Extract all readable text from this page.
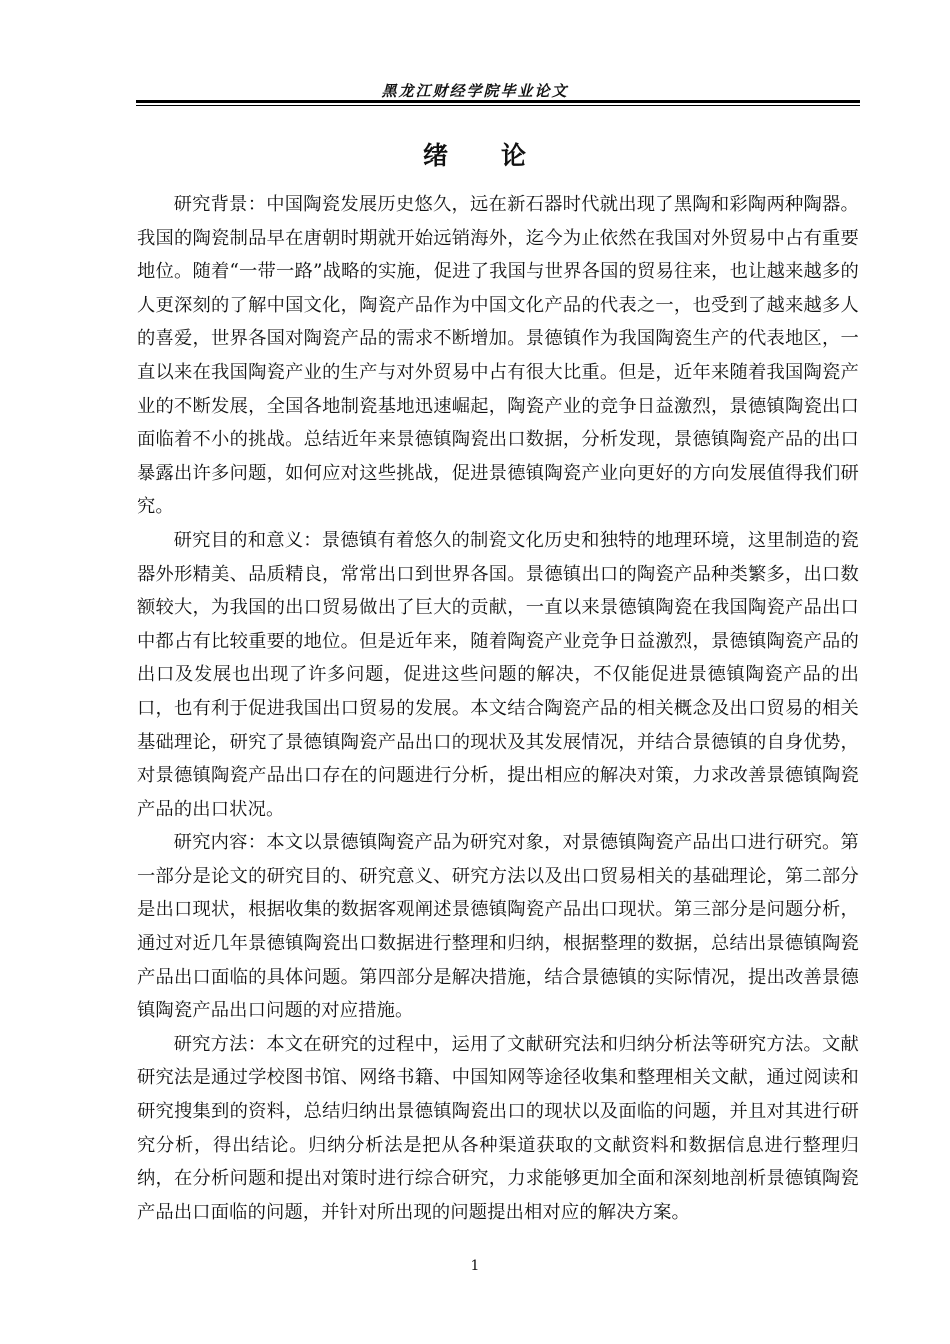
黑龙江财经学院毕业论文
绪　　论

研究背景：中国陶瓷发展历史悠久，远在新石器时代就出现了黑陶和彩陶两种陶器。我国的陶瓷制品早在唐朝时期就开始远销海外，迄今为止依然在我国对外贸易中占有重要地位。随着“一带一路”战略的实施，促进了我国与世界各国的贸易往来，也让越来越多的人更深刻的了解中国文化，陶瓷产品作为中国文化产品的代表之一，也受到了越来越多人的喜爱，世界各国对陶瓷产品的需求不断增加。景德镇作为我国陶瓷生产的代表地区，一直以来在我国陶瓷产业的生产与对外贸易中占有很大比重。但是，近年来随着我国陶瓷产业的不断发展，全国各地制瓷基地迅速崛起，陶瓷产业的竞争日益激烈，景德镇陶瓷出口面临着不小的挑战。总结近年来景德镇陶瓷出口数据，分析发现，景德镇陶瓷产品的出口暴露出许多问题，如何应对这些挑战，促进景德镇陶瓷产业向更好的方向发展值得我们研究。

研究目的和意义：景德镇有着悠久的制瓷文化历史和独特的地理环境，这里制造的瓷器外形精美、品质精良，常常出口到世界各国。景德镇出口的陶瓷产品种类繁多，出口数额较大，为我国的出口贸易做出了巨大的贡献，一直以来景德镇陶瓷在我国陶瓷产品出口中都占有比较重要的地位。但是近年来，随着陶瓷产业竞争日益激烈，景德镇陶瓷产品的出口及发展也出现了许多问题，促进这些问题的解决，不仅能促进景德镇陶瓷产品的出口，也有利于促进我国出口贸易的发展。本文结合陶瓷产品的相关概念及出口贸易的相关基础理论，研究了景德镇陶瓷产品出口的现状及其发展情况，并结合景德镇的自身优势，对景德镇陶瓷产品出口存在的问题进行分析，提出相应的解决对策，力求改善景德镇陶瓷产品的出口状况。

研究内容：本文以景德镇陶瓷产品为研究对象，对景德镇陶瓷产品出口进行研究。第一部分是论文的研究目的、研究意义、研究方法以及出口贸易相关的基础理论，第二部分是出口现状，根据收集的数据客观阐述景德镇陶瓷产品出口现状。第三部分是问题分析，通过对近几年景德镇陶瓷出口数据进行整理和归纳，根据整理的数据，总结出景德镇陶瓷产品出口面临的具体问题。第四部分是解决措施，结合景德镇的实际情况，提出改善景德镇陶瓷产品出口问题的对应措施。

研究方法：本文在研究的过程中，运用了文献研究法和归纳分析法等研究方法。文献研究法是通过学校图书馆、网络书籍、中国知网等途径收集和整理相关文献，通过阅读和研究搜集到的资料，总结归纳出景德镇陶瓷出口的现状以及面临的问题，并且对其进行研究分析，得出结论。归纳分析法是把从各种渠道获取的文献资料和数据信息进行整理归纳，在分析问题和提出对策时进行综合研究，力求能够更加全面和深刻地剖析景德镇陶瓷产品出口面临的问题，并针对所出现的问题提出相对应的解决方案。

1
